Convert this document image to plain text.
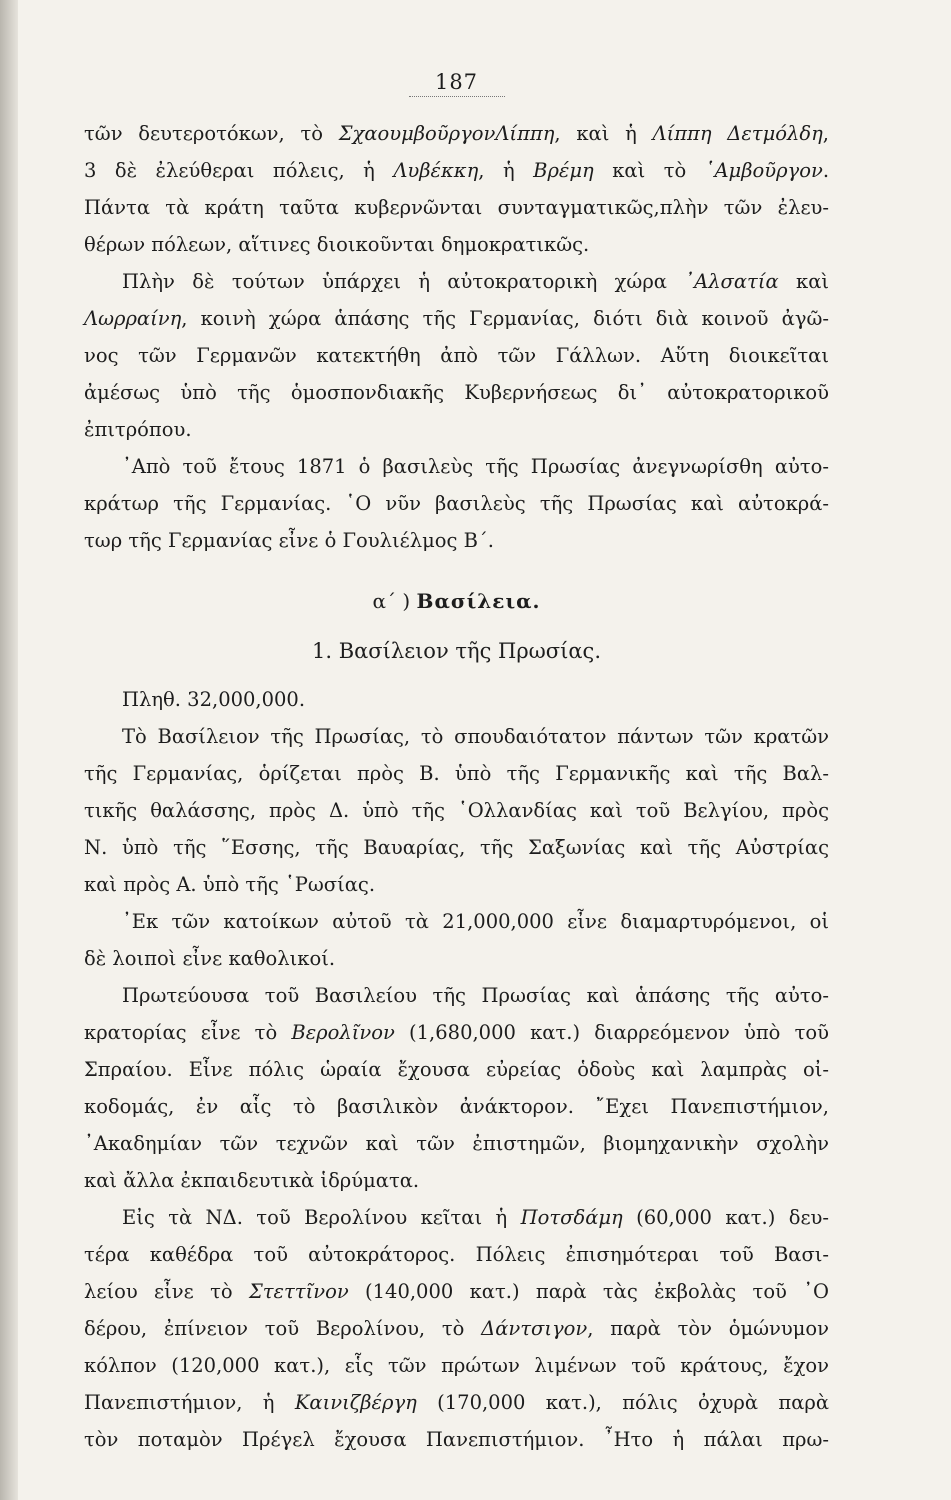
187

τῶν δευτεροτόκων, τὸ ΣχαουμβοῦργονΛίππη, καὶ ἡ Λίππη Δετμόλδη,

3 δὲ ἐλεύθεραι πόλεις, ἡ Λυβέκκη, ἡ Βρέμη καὶ τὸ ῾Αμβοῦργον.

Πάντα τὰ κράτη ταῦτα κυβερνῶνται συνταγματικῶς,πλὴν τῶν ἐλευ-

θέρων πόλεων, αἵτινες διοικοῦνται δημοκρατικῶς.

Πλὴν δὲ τούτων ὑπάρχει ἡ αὐτοκρατορικὴ χώρα ᾿Αλσατία καὶ

Λωρραίνη, κοινὴ χώρα ἁπάσης τῆς Γερμανίας, διότι διὰ κοινοῦ ἀγῶ-

νος τῶν Γερμανῶν κατεκτήθη ἀπὸ τῶν Γάλλων. Αὕτη διοικεῖται

ἀμέσως ὑπὸ τῆς ὁμοσπονδιακῆς Κυβερνήσεως δι᾿ αὐτοκρατορικοῦ

ἐπιτρόπου.

᾿Απὸ τοῦ ἔτους 1871 ὁ βασιλεὺς τῆς Πρωσίας ἀνεγνωρίσθη αὐτο-

κράτωρ τῆς Γερμανίας. ῾Ο νῦν βασιλεὺς τῆς Πρωσίας καὶ αὐτοκρά-

τωρ τῆς Γερμανίας εἶνε ὁ Γουλιέλμος Β΄.

α΄ ) Βασίλεια.
1. Βασίλειον τῆς Πρωσίας.

Πληθ. 32,000,000.

Τὸ Βασίλειον τῆς Πρωσίας, τὸ σπουδαιότατον πάντων τῶν κρατῶν

τῆς Γερμανίας, ὁρίζεται πρὸς Β. ὑπὸ τῆς Γερμανικῆς καὶ τῆς Βαλ-

τικῆς θαλάσσης, πρὸς Δ. ὑπὸ τῆς ῾Ολλανδίας καὶ τοῦ Βελγίου, πρὸς

Ν. ὑπὸ τῆς ῞Εσσης, τῆς Βαυαρίας, τῆς Σαξωνίας καὶ τῆς Αὐστρίας

καὶ πρὸς Α. ὑπὸ τῆς ῾Ρωσίας.

᾿Εκ τῶν κατοίκων αὐτοῦ τὰ 21,000,000 εἶνε διαμαρτυρόμενοι, οἱ

δὲ λοιποὶ εἶνε καθολικοί.

Πρωτεύουσα τοῦ Βασιλείου τῆς Πρωσίας καὶ ἁπάσης τῆς αὐτο-

κρατορίας εἶνε τὸ Βερολῖνον (1,680,000 κατ.) διαρρεόμενον ὑπὸ τοῦ

Σπραίου. Εἶνε πόλις ὡραία ἔχουσα εὐρείας ὁδοὺς καὶ λαμπρὰς οἰ-

κοδομάς, ἐν αἷς τὸ βασιλικὸν ἀνάκτορον. ῎Εχει Πανεπιστήμιον,

᾿Ακαδημίαν τῶν τεχνῶν καὶ τῶν ἐπιστημῶν, βιομηχανικὴν σχολὴν

καὶ ἄλλα ἐκπαιδευτικὰ ἱδρύματα.

Εἰς τὰ ΝΔ. τοῦ Βερολίνου κεῖται ἡ Ποτσδάμη (60,000 κατ.) δευ-

τέρα καθέδρα τοῦ αὐτοκράτορος. Πόλεις ἐπισημότεραι τοῦ Βασι-

λείου εἶνε τὸ Στεττῖνον (140,000 κατ.) παρὰ τὰς ἐκβολὰς τοῦ ᾿Ο

δέρου, ἐπίνειον τοῦ Βερολίνου, τὸ Δάντσιγον, παρὰ τὸν ὁμώνυμον

κόλπον (120,000 κατ.), εἷς τῶν πρώτων λιμένων τοῦ κράτους, ἔχον

Πανεπιστήμιον, ἡ Καινιζβέργη (170,000 κατ.), πόλις ὀχυρὰ παρὰ

τὸν ποταμὸν Πρέγελ ἔχουσα Πανεπιστήμιον. ῏Ητο ἡ πάλαι πρω-
